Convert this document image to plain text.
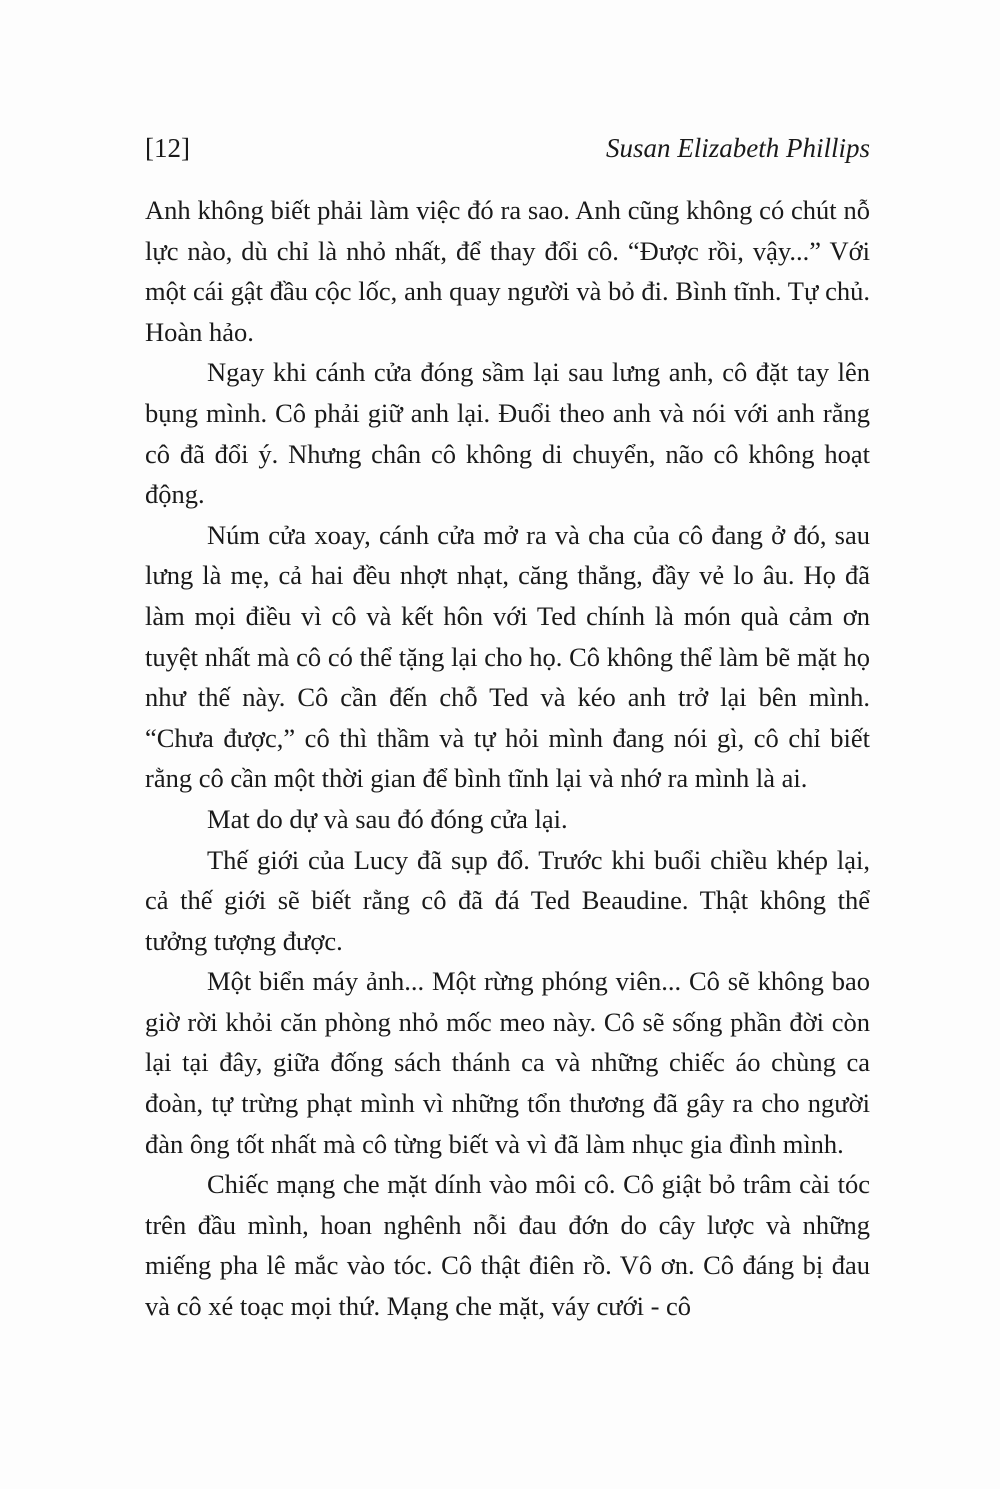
[12]	Susan Elizabeth Phillips

Anh không biết phải làm việc đó ra sao. Anh cũng không có chút nỗ lực nào, dù chỉ là nhỏ nhất, để thay đổi cô. “Được rồi, vậy...” Với một cái gật đầu cộc lốc, anh quay người và bỏ đi. Bình tĩnh. Tự chủ. Hoàn hảo.

Ngay khi cánh cửa đóng sầm lại sau lưng anh, cô đặt tay lên bụng mình. Cô phải giữ anh lại. Đuổi theo anh và nói với anh rằng cô đã đổi ý. Nhưng chân cô không di chuyển, não cô không hoạt động.

Núm cửa xoay, cánh cửa mở ra và cha của cô đang ở đó, sau lưng là mẹ, cả hai đều nhợt nhạt, căng thẳng, đầy vẻ lo âu. Họ đã làm mọi điều vì cô và kết hôn với Ted chính là món quà cảm ơn tuyệt nhất mà cô có thể tặng lại cho họ. Cô không thể làm bẽ mặt họ như thế này. Cô cần đến chỗ Ted và kéo anh trở lại bên mình. “Chưa được,” cô thì thầm và tự hỏi mình đang nói gì, cô chỉ biết rằng cô cần một thời gian để bình tĩnh lại và nhớ ra mình là ai.

Mat do dự và sau đó đóng cửa lại.

Thế giới của Lucy đã sụp đổ. Trước khi buổi chiều khép lại, cả thế giới sẽ biết rằng cô đã đá Ted Beaudine. Thật không thể tưởng tượng được.

Một biển máy ảnh... Một rừng phóng viên... Cô sẽ không bao giờ rời khỏi căn phòng nhỏ mốc meo này. Cô sẽ sống phần đời còn lại tại đây, giữa đống sách thánh ca và những chiếc áo chùng ca đoàn, tự trừng phạt mình vì những tổn thương đã gây ra cho người đàn ông tốt nhất mà cô từng biết và vì đã làm nhục gia đình mình.

Chiếc mạng che mặt dính vào môi cô. Cô giật bỏ trâm cài tóc trên đầu mình, hoan nghênh nỗi đau đớn do cây lược và những miếng pha lê mắc vào tóc. Cô thật điên rồ. Vô ơn. Cô đáng bị đau và cô xé toạc mọi thứ. Mạng che mặt, váy cưới - cô
